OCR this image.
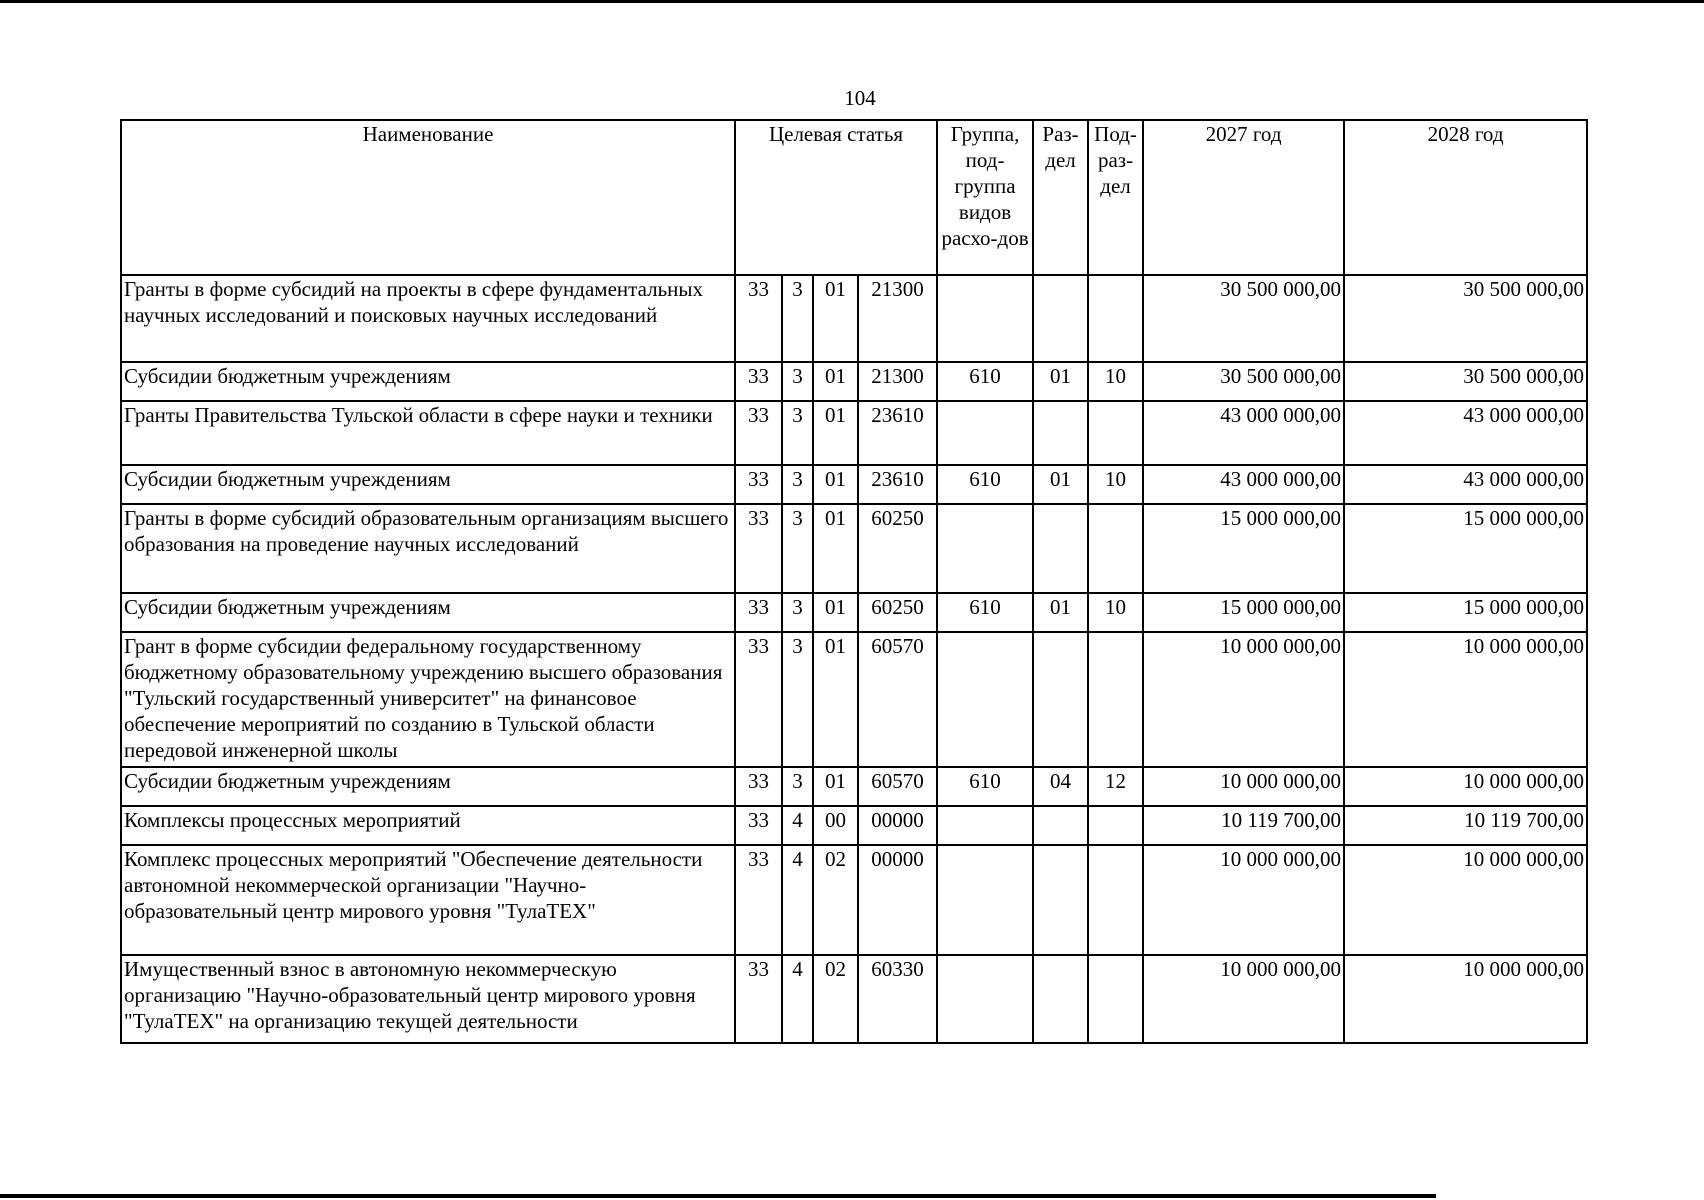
104
Наименование	Целевая статья				Группа, под-группа видов расхо-дов	Раз-дел	Под-раз-дел	2027 год	2028 год
Гранты в форме субсидий на проекты в сфере фундаментальных научных исследований и поисковых научных исследований	33	3	01	21300				30 500 000,00	30 500 000,00
Субсидии бюджетным учреждениям	33	3	01	21300	610	01	10	30 500 000,00	30 500 000,00
Гранты Правительства Тульской области в сфере науки и техники	33	3	01	23610				43 000 000,00	43 000 000,00
Субсидии бюджетным учреждениям	33	3	01	23610	610	01	10	43 000 000,00	43 000 000,00
Гранты в форме субсидий образовательным организациям высшего образования на проведение научных исследований	33	3	01	60250				15 000 000,00	15 000 000,00
Субсидии бюджетным учреждениям	33	3	01	60250	610	01	10	15 000 000,00	15 000 000,00
Грант в форме субсидии федеральному государственному бюджетному образовательному учреждению высшего образования "Тульский государственный университет" на финансовое обеспечение мероприятий по созданию в Тульской области передовой инженерной школы	33	3	01	60570				10 000 000,00	10 000 000,00
Субсидии бюджетным учреждениям	33	3	01	60570	610	04	12	10 000 000,00	10 000 000,00
Комплексы процессных мероприятий	33	4	00	00000				10 119 700,00	10 119 700,00
Комплекс процессных мероприятий "Обеспечение деятельности автономной некоммерческой организации "Научно-образовательный центр мирового уровня "ТулаТЕХ"	33	4	02	00000				10 000 000,00	10 000 000,00
Имущественный взнос в автономную некоммерческую организацию "Научно-образовательный центр мирового уровня "ТулаТЕХ" на организацию текущей деятельности	33	4	02	60330				10 000 000,00	10 000 000,00
